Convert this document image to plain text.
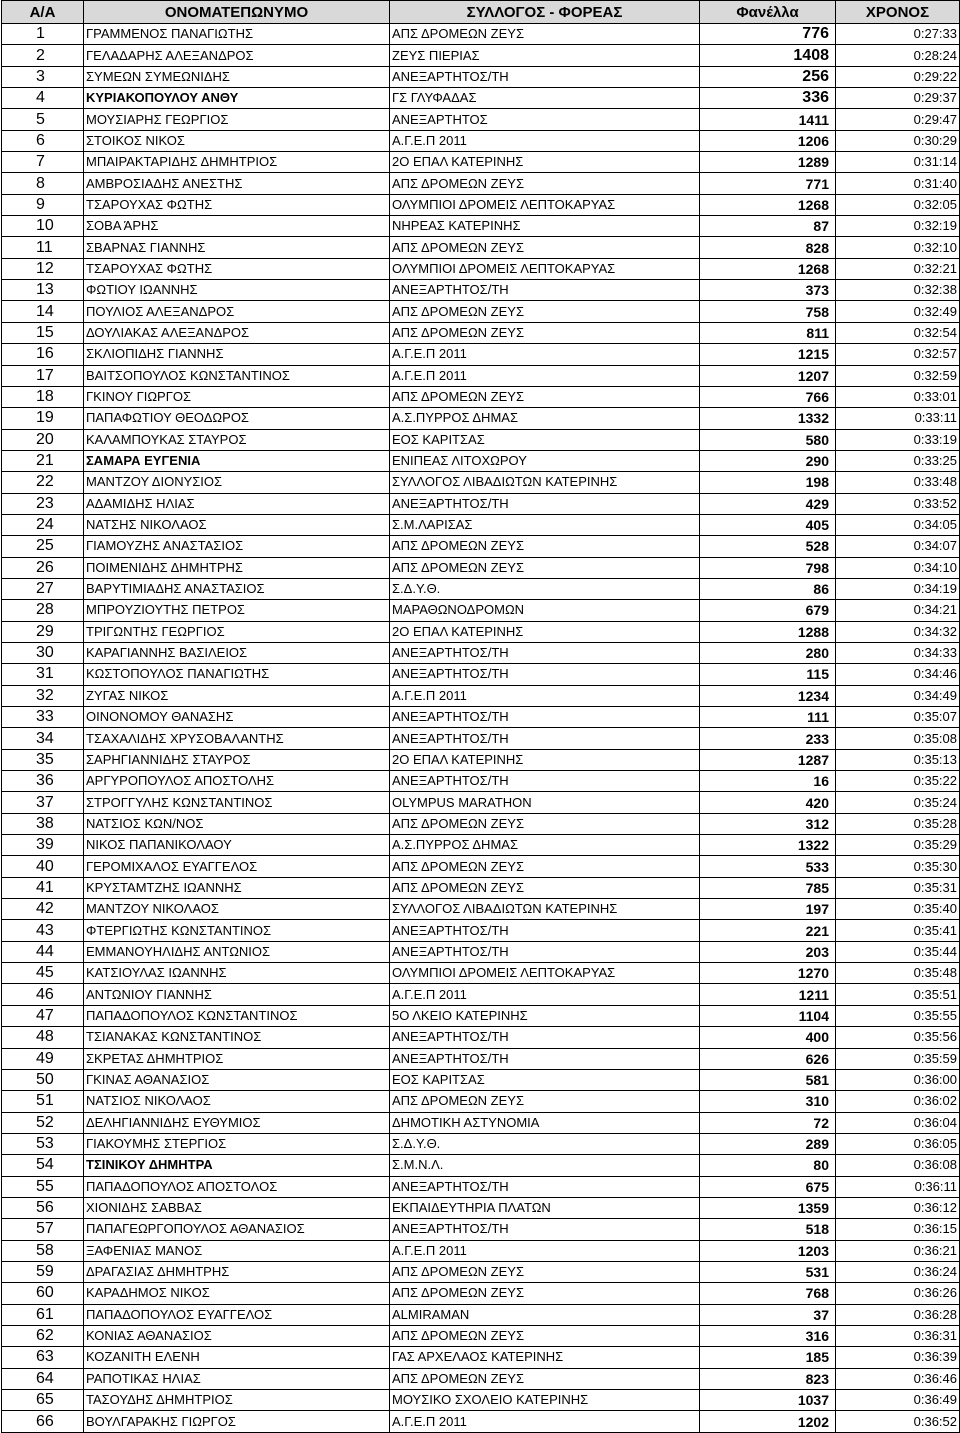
Α/Α	ΟΝΟΜΑΤΕΠΩΝΥΜΟ	ΣΥΛΛΟΓΟΣ - ΦΟΡΕΑΣ	Φανέλλα	ΧΡΟΝΟΣ
1	ΓΡΑΜΜΕΝΟΣ ΠΑΝΑΓΙΩΤΗΣ	ΑΠΣ ΔΡΟΜΕΩΝ ΖΕΥΣ	776	0:27:33
2	ΓΕΛΑΔΑΡΗΣ ΑΛΕΞΑΝΔΡΟΣ	ΖΕΥΣ ΠΙΕΡΙΑΣ	1408	0:28:24
3	ΣΥΜΕΩΝ ΣΥΜΕΩΝΙΔΗΣ	ΑΝΕΞΑΡΤΗΤΟΣ/ΤΗ	256	0:29:22
4	ΚΥΡΙΑΚΟΠΟΥΛΟΥ ΑΝΘΥ	ΓΣ ΓΛΥΦΑΔΑΣ	336	0:29:37
5	ΜΟΥΣΙΑΡΗΣ ΓΕΩΡΓΙΟΣ	ΑΝΕΞΑΡΤΗΤΟΣ	1411	0:29:47
6	ΣΤΟΙΚΟΣ ΝΙΚΟΣ	Α.Γ.Ε.Π 2011	1206	0:30:29
7	ΜΠΑΙΡΑΚΤΑΡΙΔΗΣ ΔΗΜΗΤΡΙΟΣ	2Ο ΕΠΑΛ ΚΑΤΕΡΙΝΗΣ	1289	0:31:14
8	ΑΜΒΡΟΣΙΑΔΗΣ ΑΝΕΣΤΗΣ	ΑΠΣ ΔΡΟΜΕΩΝ ΖΕΥΣ	771	0:31:40
9	ΤΣΑΡΟΥΧΑΣ ΦΩΤΗΣ	ΟΛΥΜΠΙΟΙ ΔΡΟΜΕΙΣ ΛΕΠΤΟΚΑΡΥΑΣ	1268	0:32:05
10	ΣΟΒΑ ΆΡΗΣ	ΝΗΡΕΑΣ ΚΑΤΕΡΙΝΗΣ	87	0:32:19
11	ΣΒΑΡΝΑΣ ΓΙΑΝΝΗΣ	ΑΠΣ ΔΡΟΜΕΩΝ ΖΕΥΣ	828	0:32:10
12	ΤΣΑΡΟΥΧΑΣ ΦΩΤΗΣ	ΟΛΥΜΠΙΟΙ ΔΡΟΜΕΙΣ ΛΕΠΤΟΚΑΡΥΑΣ	1268	0:32:21
13	ΦΩΤΙΟΥ ΙΩΑΝΝΗΣ	ΑΝΕΞΑΡΤΗΤΟΣ/ΤΗ	373	0:32:38
14	ΠΟΥΛΙΟΣ ΑΛΕΞΑΝΔΡΟΣ	ΑΠΣ ΔΡΟΜΕΩΝ ΖΕΥΣ	758	0:32:49
15	ΔΟΥΛΙΑΚΑΣ ΑΛΕΞΑΝΔΡΟΣ	ΑΠΣ ΔΡΟΜΕΩΝ ΖΕΥΣ	811	0:32:54
16	ΣΚΛΙΟΠΙΔΗΣ ΓΙΑΝΝΗΣ	Α.Γ.Ε.Π 2011	1215	0:32:57
17	ΒΑΙΤΣΟΠΟΥΛΟΣ ΚΩΝΣΤΑΝΤΙΝΟΣ	Α.Γ.Ε.Π 2011	1207	0:32:59
18	ΓΚΙΝΟΥ ΓΙΩΡΓΟΣ	ΑΠΣ ΔΡΟΜΕΩΝ ΖΕΥΣ	766	0:33:01
19	ΠΑΠΑΦΩΤΙΟΥ ΘΕΟΔΩΡΟΣ	Α.Σ.ΠΥΡΡΟΣ ΔΗΜΑΣ	1332	0:33:11
20	ΚΑΛΑΜΠΟΥΚΑΣ ΣΤΑΥΡΟΣ	ΕΟΣ ΚΑΡΙΤΣΑΣ	580	0:33:19
21	ΣΑΜΑΡΑ ΕΥΓΕΝΙΑ	ΕΝΙΠΕΑΣ ΛΙΤΟΧΩΡΟΥ	290	0:33:25
22	ΜΑΝΤΖΟΥ ΔΙΟΝΥΣΙΟΣ	ΣΥΛΛΟΓΟΣ ΛΙΒΑΔΙΩΤΩΝ ΚΑΤΕΡΙΝΗΣ	198	0:33:48
23	ΑΔΑΜΙΔΗΣ ΗΛΙΑΣ	ΑΝΕΞΑΡΤΗΤΟΣ/ΤΗ	429	0:33:52
24	ΝΑΤΣΗΣ ΝΙΚΟΛΑΟΣ	Σ.Μ.ΛΑΡΙΣΑΣ	405	0:34:05
25	ΓΙΑΜΟΥΖΗΣ ΑΝΑΣΤΑΣΙΟΣ	ΑΠΣ ΔΡΟΜΕΩΝ ΖΕΥΣ	528	0:34:07
26	ΠΟΙΜΕΝΙΔΗΣ ΔΗΜΗΤΡΗΣ	ΑΠΣ ΔΡΟΜΕΩΝ ΖΕΥΣ	798	0:34:10
27	ΒΑΡΥΤΙΜΙΑΔΗΣ ΑΝΑΣΤΑΣΙΟΣ	Σ.Δ.Υ.Θ.	86	0:34:19
28	ΜΠΡΟΥΖΙΟΥΤΗΣ ΠΕΤΡΟΣ	ΜΑΡΑΘΩΝΟΔΡΟΜΩΝ	679	0:34:21
29	ΤΡΙΓΩΝΤΗΣ ΓΕΩΡΓΙΟΣ	2Ο ΕΠΑΛ ΚΑΤΕΡΙΝΗΣ	1288	0:34:32
30	ΚΑΡΑΓΙΑΝΝΗΣ ΒΑΣΙΛΕΙΟΣ	ΑΝΕΞΑΡΤΗΤΟΣ/ΤΗ	280	0:34:33
31	ΚΩΣΤΟΠΟΥΛΟΣ ΠΑΝΑΓΙΩΤΗΣ	ΑΝΕΞΑΡΤΗΤΟΣ/ΤΗ	115	0:34:46
32	ΖΥΓΑΣ ΝΙΚΟΣ	Α.Γ.Ε.Π 2011	1234	0:34:49
33	ΟΙΝΟΝΟΜΟΥ ΘΑΝΑΣΗΣ	ΑΝΕΞΑΡΤΗΤΟΣ/ΤΗ	111	0:35:07
34	ΤΣΑΧΑΛΙΔΗΣ ΧΡΥΣΟΒΑΛΑΝΤΗΣ	ΑΝΕΞΑΡΤΗΤΟΣ/ΤΗ	233	0:35:08
35	ΣΑΡΗΓΙΑΝΝΙΔΗΣ ΣΤΑΥΡΟΣ	2Ο ΕΠΑΛ ΚΑΤΕΡΙΝΗΣ	1287	0:35:13
36	ΑΡΓΥΡΟΠΟΥΛΟΣ ΑΠΟΣΤΟΛΗΣ	ΑΝΕΞΑΡΤΗΤΟΣ/ΤΗ	16	0:35:22
37	ΣΤΡΟΓΓΥΛΗΣ ΚΩΝΣΤΑΝΤΙΝΟΣ	OLYMPUS MARATHON	420	0:35:24
38	ΝΑΤΣΙΟΣ ΚΩΝ/ΝΟΣ	ΑΠΣ ΔΡΟΜΕΩΝ ΖΕΥΣ	312	0:35:28
39	ΝΙΚΟΣ ΠΑΠΑΝΙΚΟΛΑΟΥ	Α.Σ.ΠΥΡΡΟΣ ΔΗΜΑΣ	1322	0:35:29
40	ΓΕΡΟΜΙΧΑΛΟΣ ΕΥΑΓΓΕΛΟΣ	ΑΠΣ ΔΡΟΜΕΩΝ ΖΕΥΣ	533	0:35:30
41	ΚΡΥΣΤΑΜΤΖΗΣ ΙΩΑΝΝΗΣ	ΑΠΣ ΔΡΟΜΕΩΝ ΖΕΥΣ	785	0:35:31
42	ΜΑΝΤΖΟΥ ΝΙΚΟΛΑΟΣ	ΣΥΛΛΟΓΟΣ ΛΙΒΑΔΙΩΤΩΝ ΚΑΤΕΡΙΝΗΣ	197	0:35:40
43	ΦΤΕΡΓΙΩΤΗΣ ΚΩΝΣΤΑΝΤΙΝΟΣ	ΑΝΕΞΑΡΤΗΤΟΣ/ΤΗ	221	0:35:41
44	ΕΜΜΑΝΟΥΗΛΙΔΗΣ ΑΝΤΩΝΙΟΣ	ΑΝΕΞΑΡΤΗΤΟΣ/ΤΗ	203	0:35:44
45	ΚΑΤΣΙΟΥΛΑΣ ΙΩΑΝΝΗΣ	ΟΛΥΜΠΙΟΙ ΔΡΟΜΕΙΣ ΛΕΠΤΟΚΑΡΥΑΣ	1270	0:35:48
46	ΑΝΤΩΝΙΟΥ ΓΙΑΝΝΗΣ	Α.Γ.Ε.Π 2011	1211	0:35:51
47	ΠΑΠΑΔΟΠΟΥΛΟΣ ΚΩΝΣΤΑΝΤΙΝΟΣ	5Ο ΛΚΕΙΟ ΚΑΤΕΡΙΝΗΣ	1104	0:35:55
48	ΤΣΙΑΝΑΚΑΣ ΚΩΝΣΤΑΝΤΙΝΟΣ	ΑΝΕΞΑΡΤΗΤΟΣ/ΤΗ	400	0:35:56
49	ΣΚΡΕΤΑΣ ΔΗΜΗΤΡΙΟΣ	ΑΝΕΞΑΡΤΗΤΟΣ/ΤΗ	626	0:35:59
50	ΓΚΙΝΑΣ ΑΘΑΝΑΣΙΟΣ	ΕΟΣ ΚΑΡΙΤΣΑΣ	581	0:36:00
51	ΝΑΤΣΙΟΣ ΝΙΚΟΛΑΟΣ	ΑΠΣ ΔΡΟΜΕΩΝ ΖΕΥΣ	310	0:36:02
52	ΔΕΛΗΓΙΑΝΝΙΔΗΣ ΕΥΘΥΜΙΟΣ	ΔΗΜΟΤΙΚΗ ΑΣΤΥΝΟΜΙΑ	72	0:36:04
53	ΓΙΑΚΟΥΜΗΣ ΣΤΕΡΓΙΟΣ	Σ.Δ.Υ.Θ.	289	0:36:05
54	ΤΣΙΝΙΚΟΥ ΔΗΜΗΤΡΑ	Σ.Μ.Ν.Λ.	80	0:36:08
55	ΠΑΠΑΔΟΠΟΥΛΟΣ ΑΠΟΣΤΟΛΟΣ	ΑΝΕΞΑΡΤΗΤΟΣ/ΤΗ	675	0:36:11
56	ΧΙΟΝΙΔΗΣ ΣΑΒΒΑΣ	ΕΚΠΑΙΔΕΥΤΗΡΙΑ ΠΛΑΤΩΝ	1359	0:36:12
57	ΠΑΠΑΓΕΩΡΓΟΠΟΥΛΟΣ ΑΘΑΝΑΣΙΟΣ	ΑΝΕΞΑΡΤΗΤΟΣ/ΤΗ	518	0:36:15
58	ΞΑΦΕΝΙΑΣ ΜΑΝΟΣ	Α.Γ.Ε.Π 2011	1203	0:36:21
59	ΔΡΑΓΑΣΙΑΣ ΔΗΜΗΤΡΗΣ	ΑΠΣ ΔΡΟΜΕΩΝ ΖΕΥΣ	531	0:36:24
60	ΚΑΡΑΔΗΜΟΣ ΝΙΚΟΣ	ΑΠΣ ΔΡΟΜΕΩΝ ΖΕΥΣ	768	0:36:26
61	ΠΑΠΑΔΟΠΟΥΛΟΣ ΕΥΑΓΓΕΛΟΣ	ALMIRAMAN	37	0:36:28
62	ΚΟΝΙΑΣ ΑΘΑΝΑΣΙΟΣ	ΑΠΣ ΔΡΟΜΕΩΝ ΖΕΥΣ	316	0:36:31
63	ΚΟΖΑΝΙΤΗ ΕΛΕΝΗ	ΓΑΣ ΑΡΧΕΛΑΟΣ ΚΑΤΕΡΙΝΗΣ	185	0:36:39
64	ΡΑΠΟΤΙΚΑΣ ΗΛΙΑΣ	ΑΠΣ ΔΡΟΜΕΩΝ ΖΕΥΣ	823	0:36:46
65	ΤΑΣΟΥΔΗΣ ΔΗΜΗΤΡΙΟΣ	ΜΟΥΣΙΚΟ ΣΧΟΛΕΙΟ ΚΑΤΕΡΙΝΗΣ	1037	0:36:49
66	ΒΟΥΛΓΑΡΑΚΗΣ ΓΙΩΡΓΟΣ	Α.Γ.Ε.Π 2011	1202	0:36:52
